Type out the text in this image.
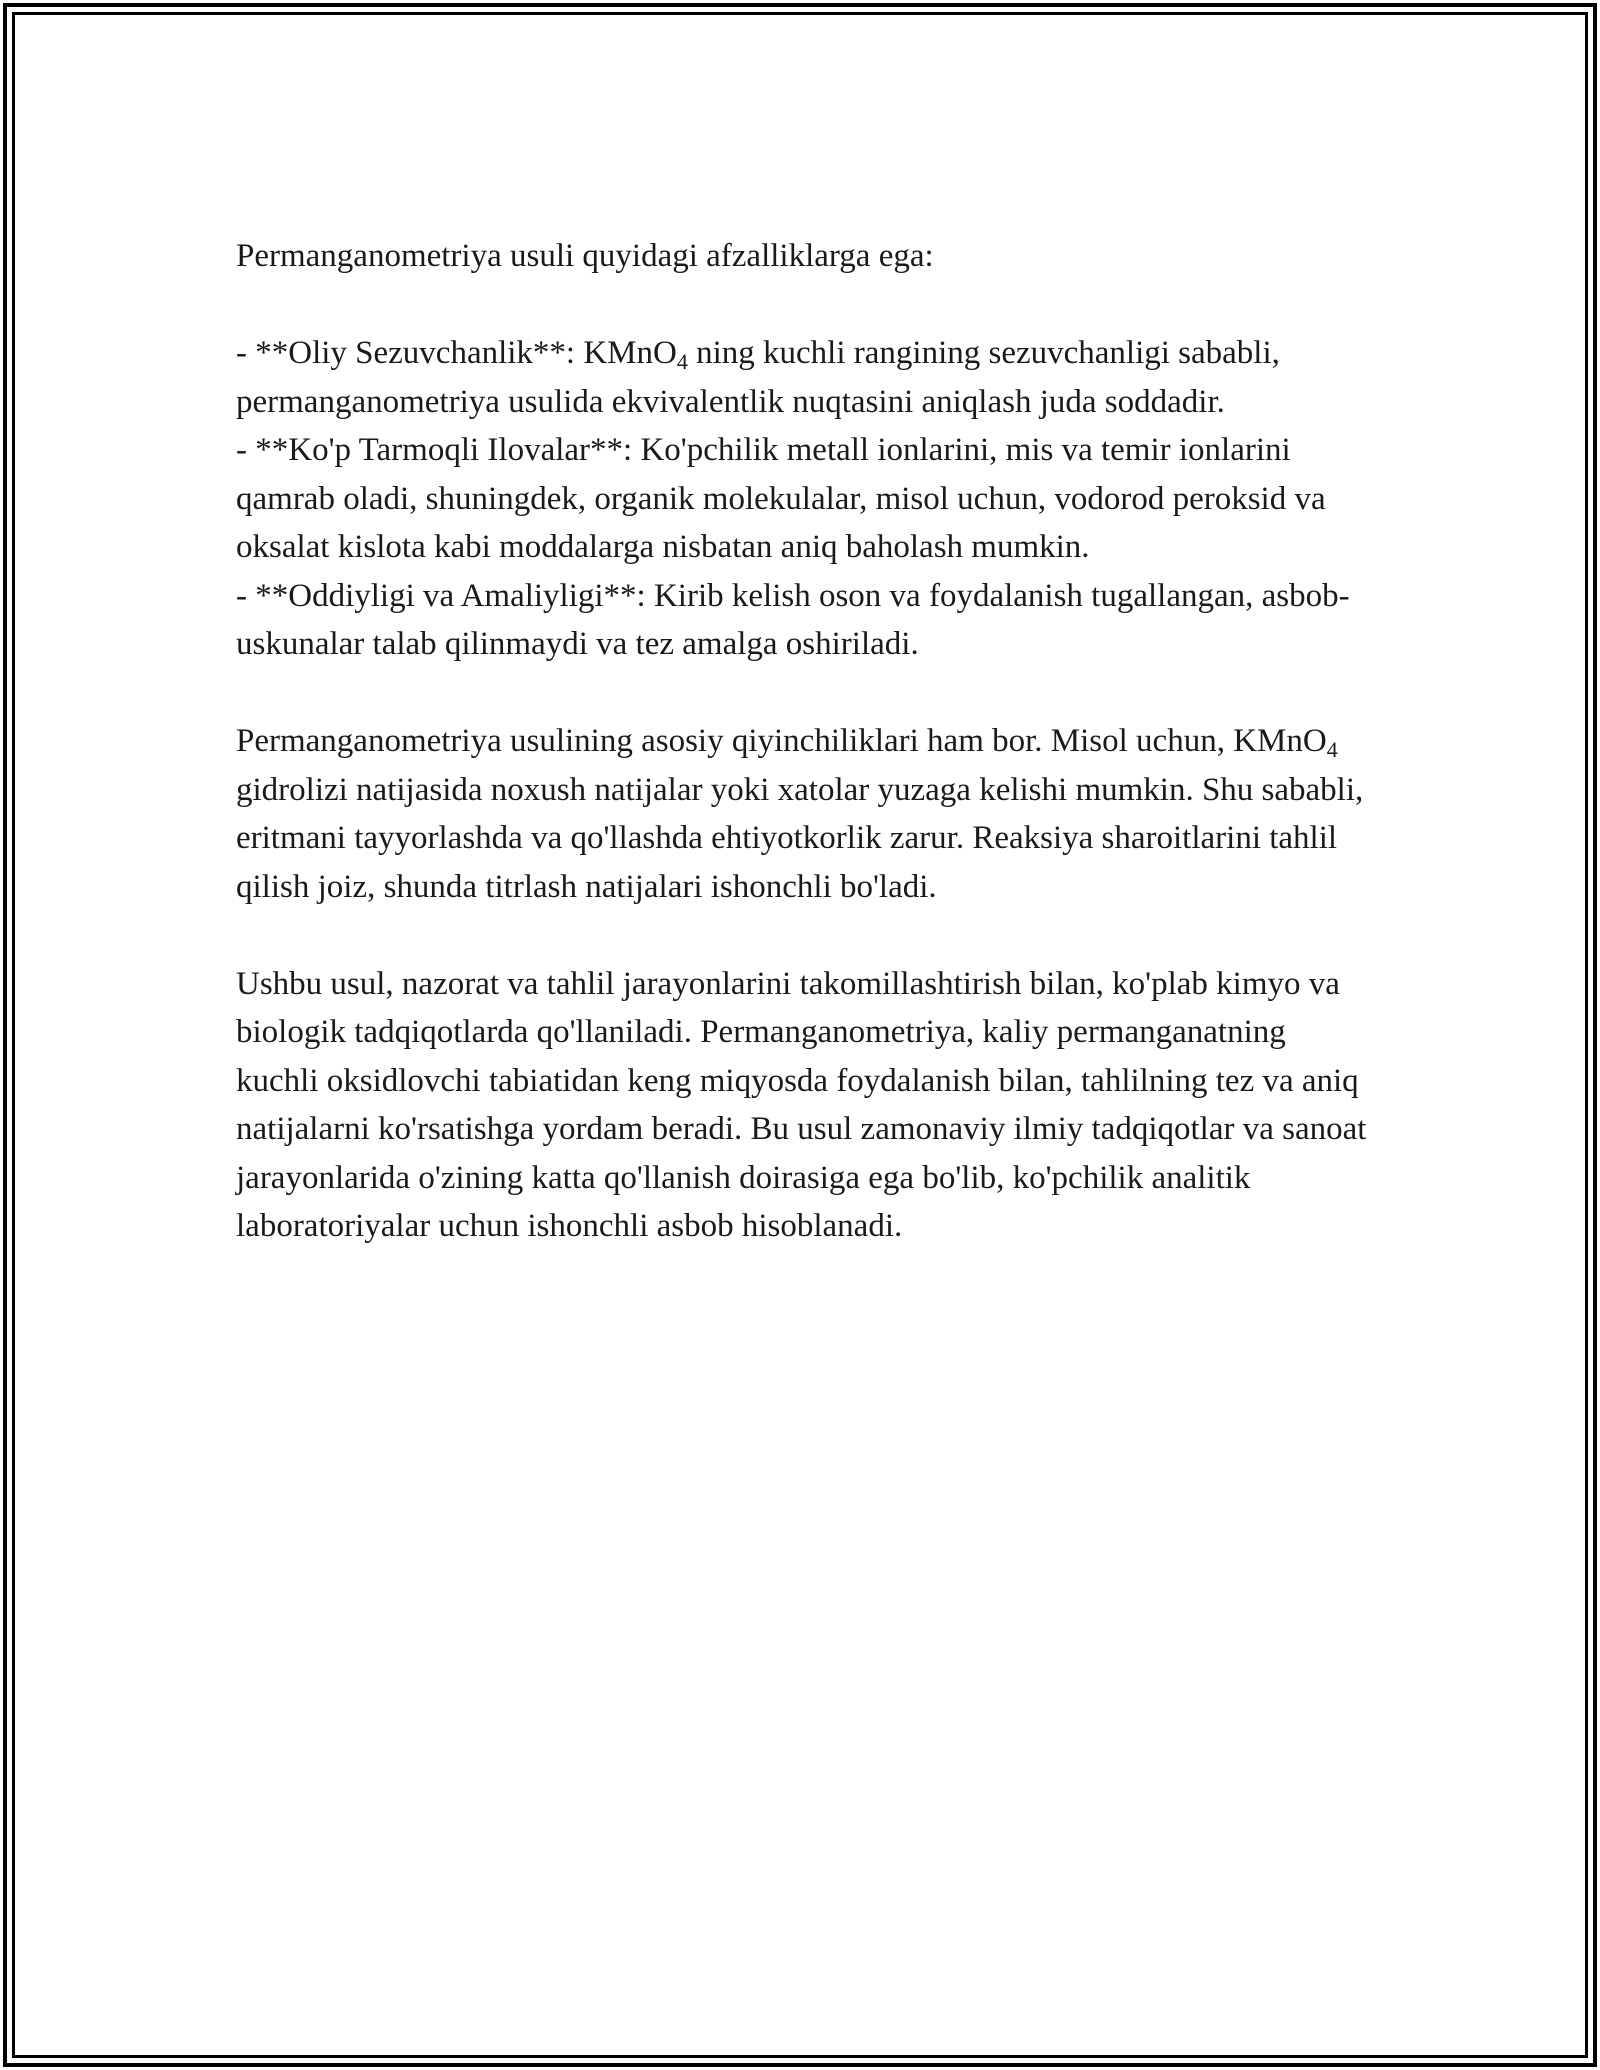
Permanganometriya usuli quyidagi afzalliklarga ega:

- **Oliy Sezuvchanlik**: KMnO$_4$ ning kuchli rangining sezuvchanligi sababli, permanganometriya usulida ekvivalentlik nuqtasini aniqlash juda soddadir.

- **Ko'p Tarmoqli Ilovalar**: Ko'pchilik metall ionlarini, mis va temir ionlarini qamrab oladi, shuningdek, organik molekulalar, misol uchun, vodorod peroksid va oksalat kislota kabi moddalarga nisbatan aniq baholash mumkin.

- **Oddiyligi va Amaliyligi**: Kirib kelish oson va foydalanish tugallangan, asbob-uskunalar talab qilinmaydi va tez amalga oshiriladi.

Permanganometriya usulining asosiy qiyinchiliklari ham bor. Misol uchun, KMnO$_4$ gidrolizi natijasida noxush natijalar yoki xatolar yuzaga kelishi mumkin. Shu sababli, eritmani tayyorlashda va qo'llashda ehtiyotkorlik zarur. Reaksiya sharoitlarini tahlil qilish joiz, shunda titrlash natijalari ishonchli bo'ladi.

Ushbu usul, nazorat va tahlil jarayonlarini takomillashtirish bilan, ko'plab kimyo va biologik tadqiqotlarda qo'llaniladi. Permanganometriya, kaliy permanganatning kuchli oksidlovchi tabiatidan keng miqyosda foydalanish bilan, tahlilning tez va aniq natijalarni ko'rsatishga yordam beradi. Bu usul zamonaviy ilmiy tadqiqotlar va sanoat jarayonlarida o'zining katta qo'llanish doirasiga ega bo'lib, ko'pchilik analitik laboratoriyalar uchun ishonchli asbob hisoblanadi.
